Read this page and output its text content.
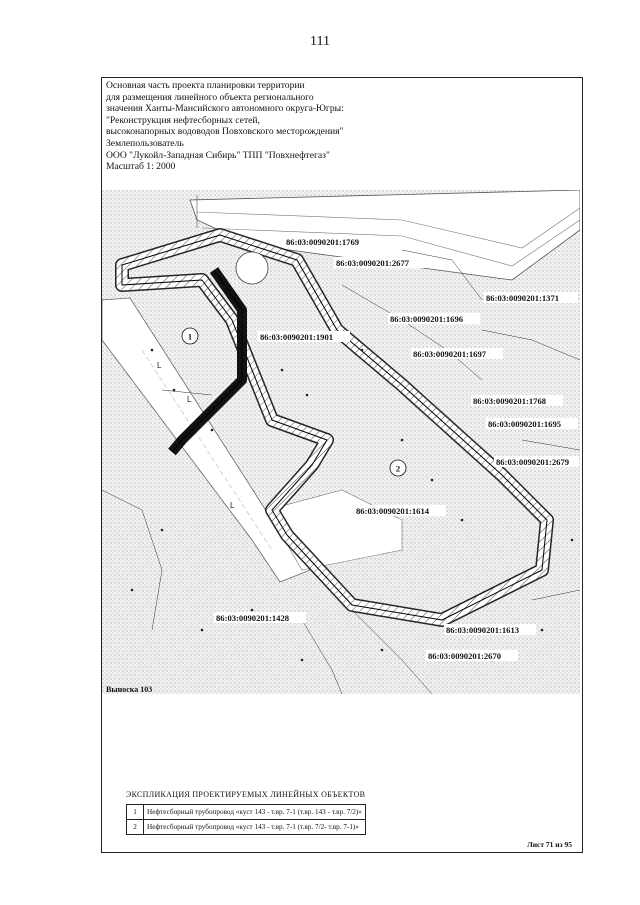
111
Основная часть проекта планировки территории
для размещения линейного объекта регионального
значения Ханты-Мансийского автономного округа-Югры:
"Реконструкция нефтесборных сетей,
высоконапорных водоводов Повховского месторождения"
Землепользователь
ООО "Лукойл-Западная Сибирь" ТПП "Повхнефтегаз"
Масштаб 1: 2000
L
L
L
1
2
86:03:0090201:1769
86:03:0090201:2677
86:03:0090201:1371
86:03:0090201:1696
86:03:0090201:1901
86:03:0090201:1697
86:03:0090201:1768
86:03:0090201:1695
86:03:0090201:2679
86:03:0090201:1614
86:03:0090201:1428
86:03:0090201:1613
86:03:0090201:2670
Выноска 103
ЭКСПЛИКАЦИЯ ПРОЕКТИРУЕМЫХ ЛИНЕЙНЫХ ОБЪЕКТОВ
1	Нефтесборный трубопровод «куст 143 - т.вр. 7-1 (т.вр. 143 - т.вр. 7/2)»
2	Нефтесборный трубопровод «куст 143 - т.вр. 7-1 (т.вр. 7/2- т.вр. 7-1)»
Лист 71 из 95
